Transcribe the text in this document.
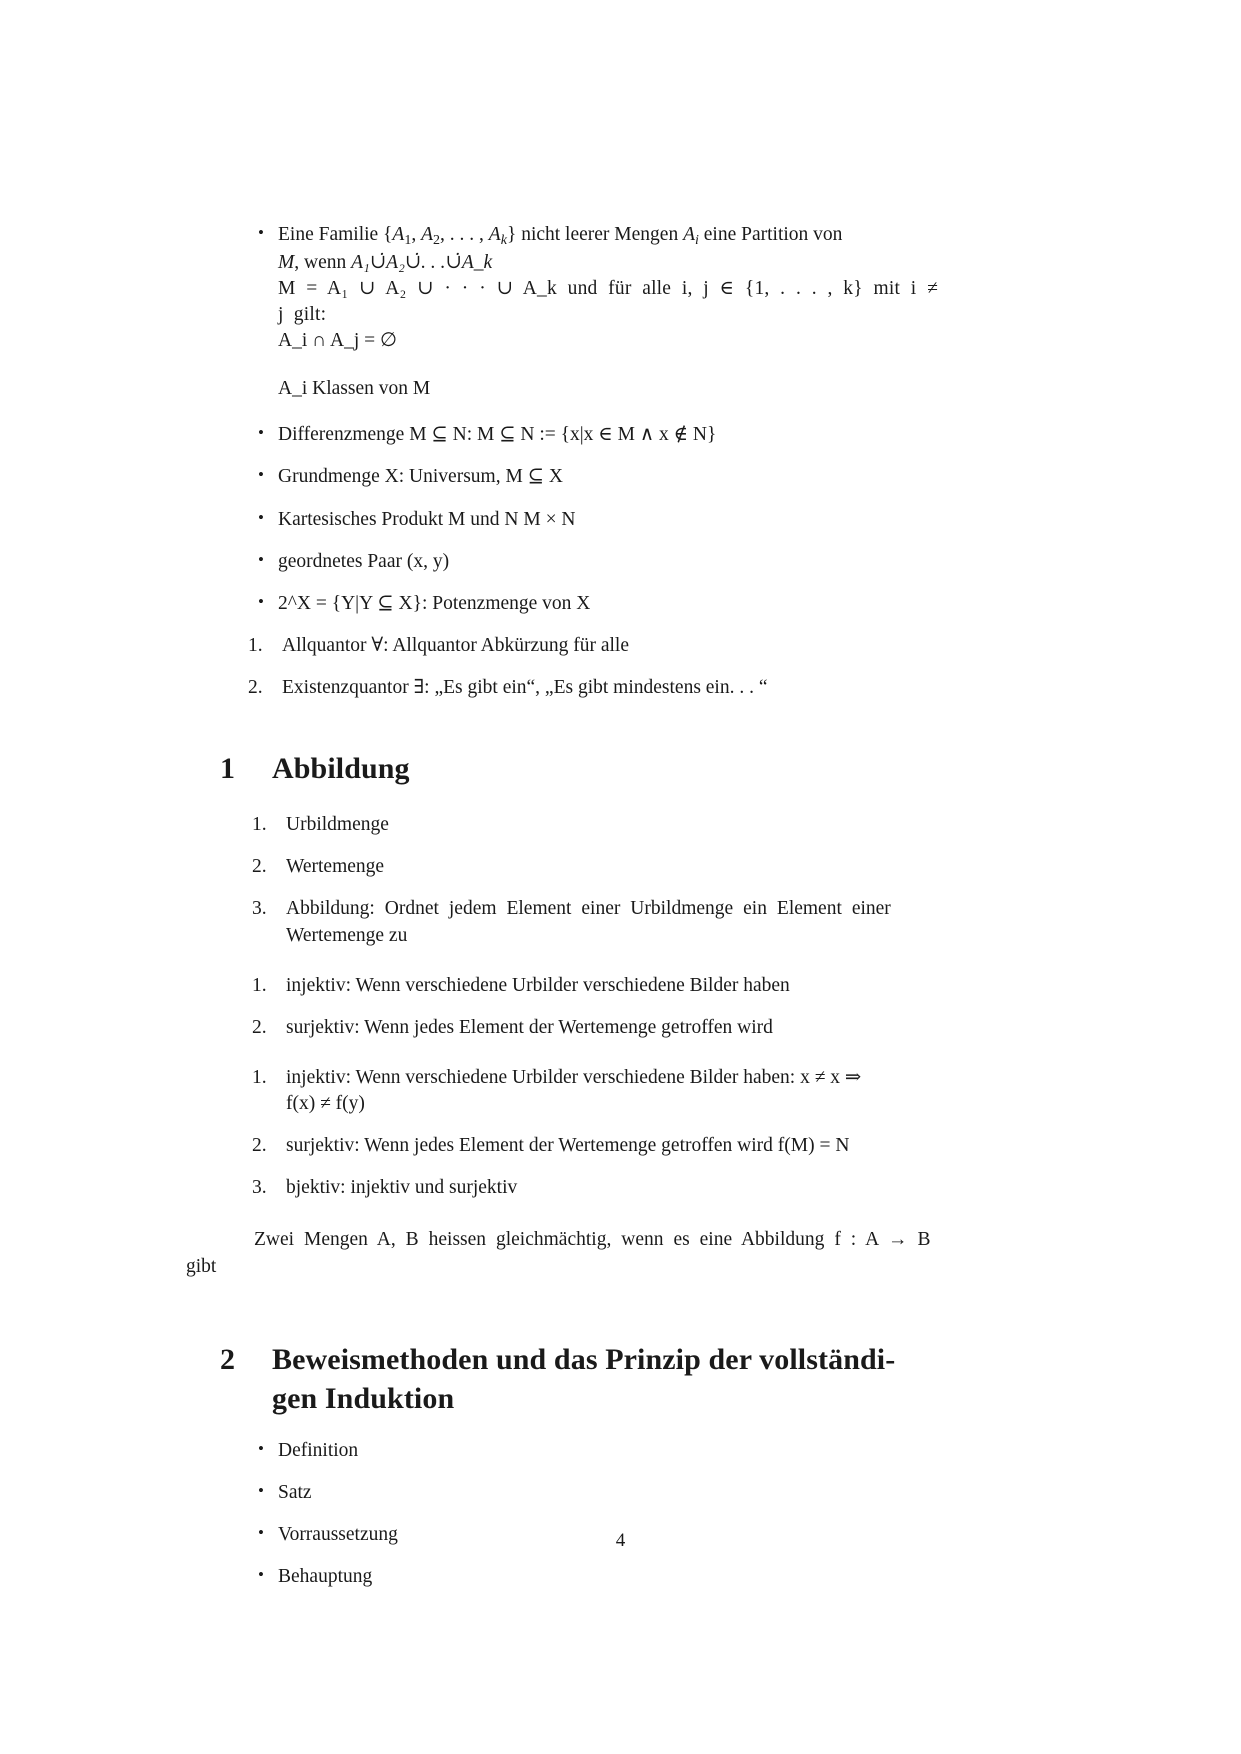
• Eine Familie {$A_1$, $A_2$, . . . , $A_k$} nicht leerer Mengen $A_i$ eine Partition von
M, wenn A₁∪̇A₂∪̇. . .∪̇A_k
M = A₁ ∪ A₂ ∪ · · · ∪ A_k und für alle i, j ∈ {1, . . . , k} mit i ≠ j gilt:
A_i ∩ A_j = ∅
A_i Klassen von M
• Differenzmenge M ⊆ N: M ⊆ N := {x|x ∈ M ∧ x ∉ N}
• Grundmenge X: Universum, M ⊆ X
• Kartesisches Produkt M und N M × N
• geordnetes Paar (x, y)
• 2^X = {Y|Y ⊆ X}: Potenzmenge von X
1. Allquantor ∀: Allquantor Abkürzung für alle
2. Existenzquantor ∃: „Es gibt ein“, „Es gibt mindestens ein. . . “
1 Abbildung
1. Urbildmenge
2. Wertemenge
3. Abbildung: Ordnet jedem Element einer Urbildmenge ein Element einer
Wertemenge zu
1. injektiv: Wenn verschiedene Urbilder verschiedene Bilder haben
2. surjektiv: Wenn jedes Element der Wertemenge getroffen wird
1. injektiv: Wenn verschiedene Urbilder verschiedene Bilder haben: x ≠ x ⇒
f(x) ≠ f(y)
2. surjektiv: Wenn jedes Element der Wertemenge getroffen wird f(M) = N
3. bjektiv: injektiv und surjektiv

Zwei Mengen A, B heissen gleichmächtig, wenn es eine Abbildung f : A → B
gibt

2 Beweismethoden und das Prinzip der vollständi-
gen Induktion
• Definition
• Satz
• Vorraussetzung
• Behauptung
4
